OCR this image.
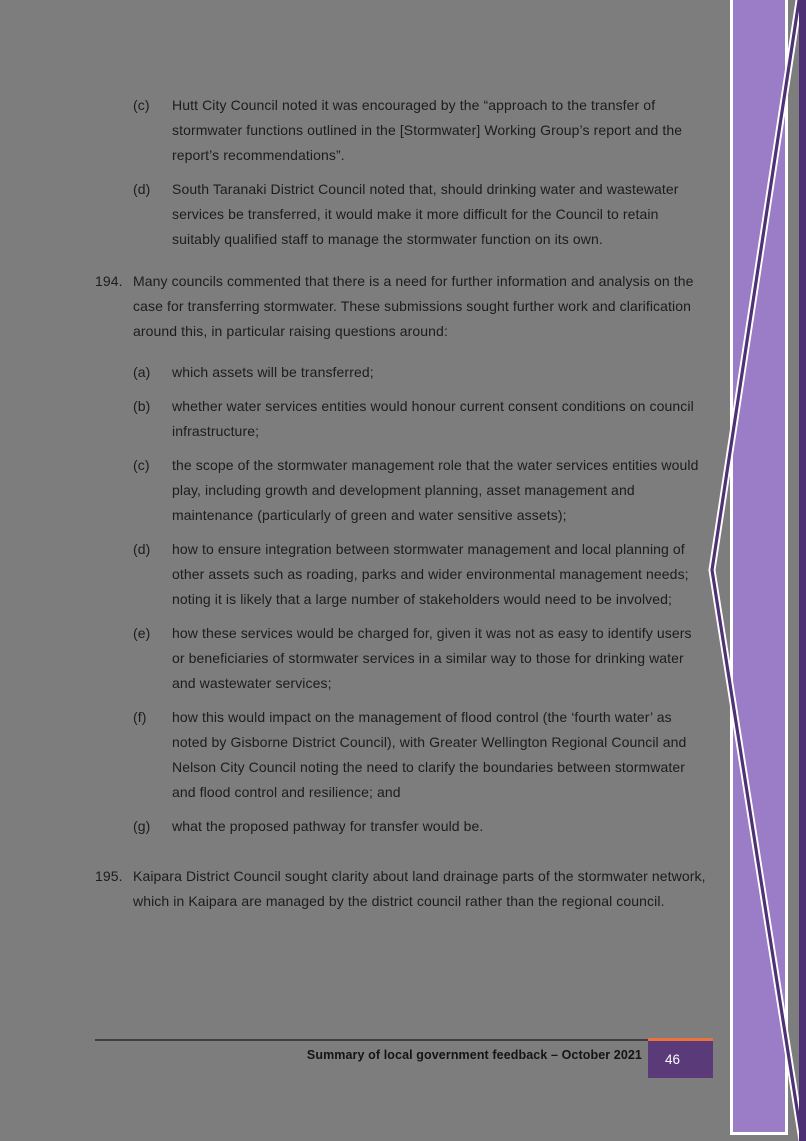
(c)	Hutt City Council noted it was encouraged by the “approach to the transfer of stormwater functions outlined in the [Stormwater] Working Group’s report and the report’s recommendations”.
(d)	South Taranaki District Council noted that, should drinking water and wastewater services be transferred, it would make it more difficult for the Council to retain suitably qualified staff to manage the stormwater function on its own.
194. Many councils commented that there is a need for further information and analysis on the case for transferring stormwater. These submissions sought further work and clarification around this, in particular raising questions around:

(a)	which assets will be transferred;
(b)	whether water services entities would honour current consent conditions on council infrastructure;
(c)	the scope of the stormwater management role that the water services entities would play, including growth and development planning, asset management and maintenance (particularly of green and water sensitive assets);
(d)	how to ensure integration between stormwater management and local planning of other assets such as roading, parks and wider environmental management needs; noting it is likely that a large number of stakeholders would need to be involved;
(e)	how these services would be charged for, given it was not as easy to identify users or beneficiaries of stormwater services in a similar way to those for drinking water and wastewater services;
(f)	how this would impact on the management of flood control (the ‘fourth water’ as noted by Gisborne District Council), with Greater Wellington Regional Council and Nelson City Council noting the need to clarify the boundaries between stormwater and flood control and resilience; and
(g)	what the proposed pathway for transfer would be.
195. Kaipara District Council sought clarity about land drainage parts of the stormwater network, which in Kaipara are managed by the district council rather than the regional council.

Summary of local government feedback – October 2021	46
